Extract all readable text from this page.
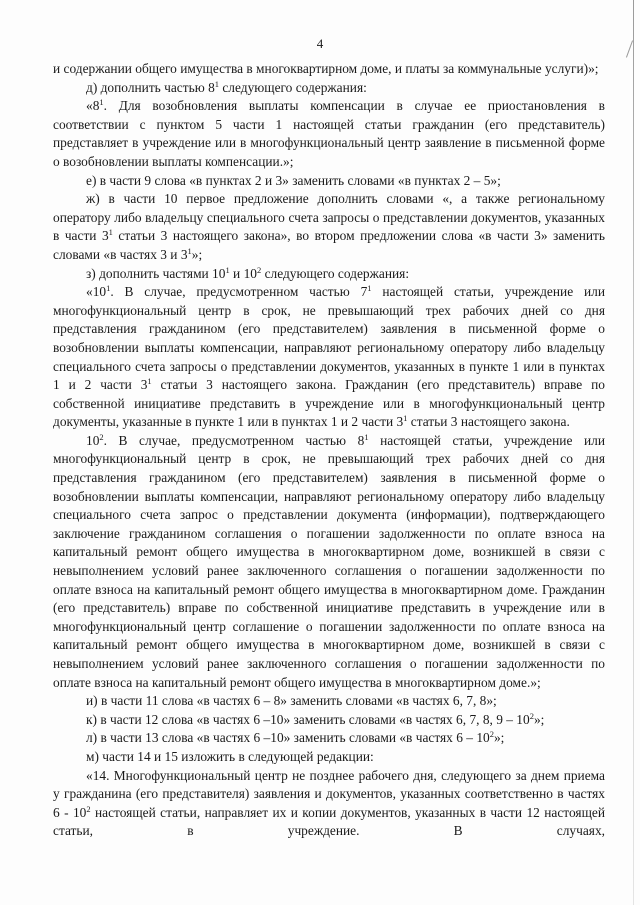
4

и содержании общего имущества в многоквартирном доме, и платы за коммунальные услуги)»;

д) дополнить частью $8^1$ следующего содержания:

«$8^1$. Для возобновления выплаты компенсации в случае ее приостановления в соответствии с пунктом 5 части 1 настоящей статьи гражданин (его представитель) представляет в учреждение или в многофункциональный центр заявление в письменной форме о возобновлении выплаты компенсации.»;

е) в части 9 слова «в пунктах 2 и 3» заменить словами «в пунктах 2 – 5»;

ж) в части 10 первое предложение дополнить словами «, а также региональному оператору либо владельцу специального счета запросы о представлении документов, указанных в части $3^1$ статьи 3 настоящего закона», во втором предложении слова «в части 3» заменить словами «в частях 3 и $3^1$»;

з) дополнить частями $10^1$ и $10^2$ следующего содержания:

«$10^1$. В случае, предусмотренном частью $7^1$ настоящей статьи, учреждение или многофункциональный центр в срок, не превышающий трех рабочих дней со дня представления гражданином (его представителем) заявления в письменной форме о возобновлении выплаты компенсации, направляют региональному оператору либо владельцу специального счета запросы о представлении документов, указанных в пункте 1 или в пунктах 1 и 2 части $3^1$ статьи 3 настоящего закона. Гражданин (его представитель) вправе по собственной инициативе представить в учреждение или в многофункциональный центр документы, указанные в пункте 1 или в пунктах 1 и 2 части $3^1$ статьи 3 настоящего закона.

$10^2$. В случае, предусмотренном частью $8^1$ настоящей статьи, учреждение или многофункциональный центр в срок, не превышающий трех рабочих дней со дня представления гражданином (его представителем) заявления в письменной форме о возобновлении выплаты компенсации, направляют региональному оператору либо владельцу специального счета запрос о представлении документа (информации), подтверждающего заключение гражданином соглашения о погашении задолженности по оплате взноса на капитальный ремонт общего имущества в многоквартирном доме, возникшей в связи с невыполнением условий ранее заключенного соглашения о погашении задолженности по оплате взноса на капитальный ремонт общего имущества в многоквартирном доме. Гражданин (его представитель) вправе по собственной инициативе представить в учреждение или в многофункциональный центр соглашение о погашении задолженности по оплате взноса на капитальный ремонт общего имущества в многоквартирном доме, возникшей в связи с невыполнением условий ранее заключенного соглашения о погашении задолженности по оплате взноса на капитальный ремонт общего имущества в многоквартирном доме.»;

и) в части 11 слова «в частях 6 – 8» заменить словами «в частях 6, 7, 8»;

к) в части 12 слова «в частях 6 –10» заменить словами «в частях 6, 7, 8, $9 - 10^2$»;

л) в части 13 слова «в частях 6 –10» заменить словами «в частях $6 - 10^2$»;

м) части 14 и 15 изложить в следующей редакции:

«14. Многофункциональный центр не позднее рабочего дня, следующего за днем приема у гражданина (его представителя) заявления и документов, указанных соответственно в частях $6 - 10^2$ настоящей статьи, направляет их и копии документов, указанных в части 12 настоящей статьи, в учреждение. В случаях,
